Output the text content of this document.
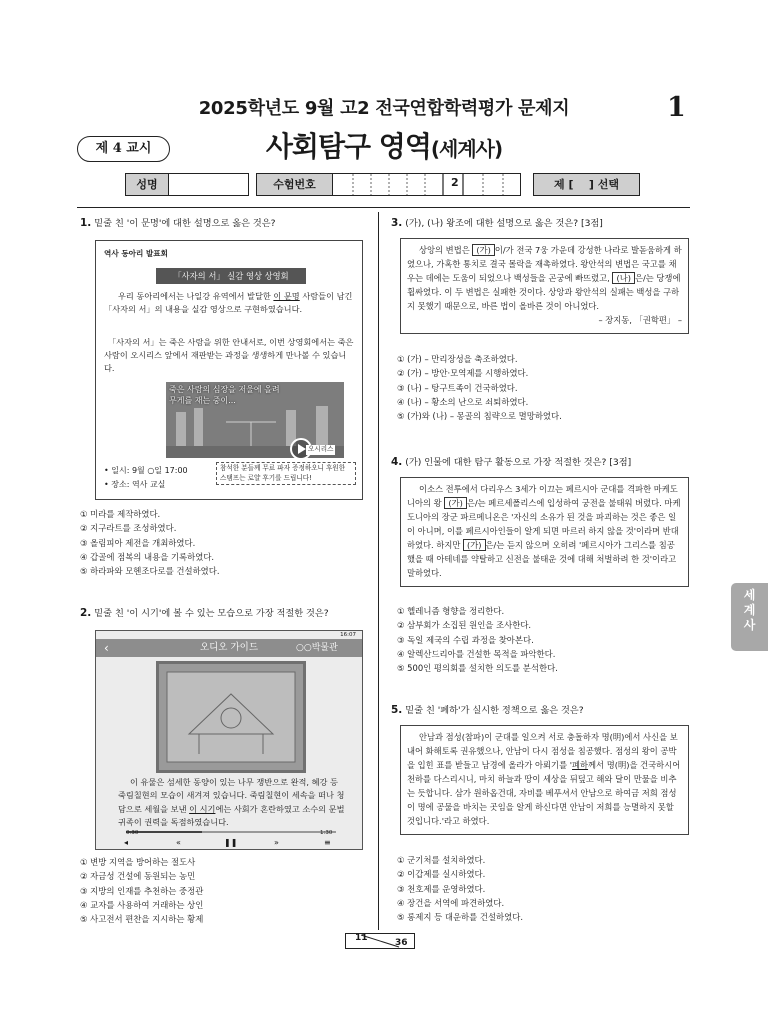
2025학년도 9월 고2 전국연합학력평가 문제지	1
제 4 교시	사회탐구 영역(세계사)
성명	수험번호	2	제 [    ] 선택
1. 밑줄 친 '이 문명'에 대한 설명으로 옳은 것은?
역사 동아리 발표회
「사자의 서」 실감 영상 상영회
우리 동아리에서는 나일강 유역에서 발달한 이 문명 사람들이 남긴 「사자의 서」의 내용을 실감 영상으로 구현하였습니다.
「사자의 서」는 죽은 사람을 위한 안내서로, 이번 상영회에서는 죽은 사람이 오시리스 앞에서 재판받는 과정을 생생하게 만나볼 수 있습니다.
죽은 사람의 심장을 저울에 올려 무게를 재는 중이...
오시리스
• 일시: 9월 ○일 17:00
• 장소: 역사 교실
참석한 분들께 무료 파자 증정하오니 후원한 스탬프는 로얄 후기를 드립니다!
① 미라를 제작하였다.
② 지구라트를 조성하였다.
③ 올림피아 제전을 개최하였다.
④ 갑골에 점복의 내용을 기록하였다.
⑤ 하라파와 모헨조다로를 건설하였다.
2. 밑줄 친 '이 시기'에 볼 수 있는 모습으로 가장 적절한 것은?
16:07
‹	오디오 가이드	○○박물관
이 유물은 섬세한 동양이 있는 나무 쟁반으로 완적, 혜강 등 죽림칠현의 모습이 새겨져 있습니다. 죽림칠현이 세속을 떠나 청담으로 세월을 보낸 이 시기에는 사회가 혼란하였고 소수의 문벌 귀족이 권력을 독점하였습니다.
0:30	1:30
◂	«	❚❚	»	≡
① 변방 지역을 방어하는 절도사
② 자금성 건설에 동원되는 농민
③ 지방의 인재를 추천하는 중정관
④ 교자를 사용하여 거래하는 상인
⑤ 사고전서 편찬을 지시하는 황제
3. (가), (나) 왕조에 대한 설명으로 옳은 것은? [3점]
상앙의 변법은 (가) 이/가 전국 7웅 가운데 강성한 나라로 발돋움하게 하였으나, 가혹한 통치로 결국 몰락을 재촉하였다. 왕안석의 변법은 국고를 채우는 데에는 도움이 되었으나 백성들을 곤궁에 빠뜨렸고, (나) 은/는 당쟁에 휩싸였다. 이 두 변법은 실패한 것이다. 상앙과 왕안석의 실패는 백성을 구하지 못했기 때문으로, 바른 법이 올바른 것이 아니었다.
– 장지동, 「권학편」 –
① (가) – 만리장성을 축조하였다.
② (가) – 방안·모역제를 시행하였다.
③ (나) – 탕구트족이 건국하였다.
④ (나) – 황소의 난으로 쇠퇴하였다.
⑤ (가)와 (나) – 몽골의 침략으로 멸망하였다.
4. (가) 인물에 대한 탐구 활동으로 가장 적절한 것은? [3점]
이소스 전투에서 다리우스 3세가 이끄는 페르시아 군대를 격파한 마케도니아의 왕 (가) 은/는 페르세폴리스에 입성하여 궁전을 불태워 버렸다. 마케도니아의 장군 파르메니온은 '자신의 소유가 된 것을 파괴하는 것은 좋은 일이 아니며, 이를 페르시아인들이 알게 되면 마르러 하지 않을 것'이라며 반대하였다. 하지만 (가) 은/는 듣지 않으며 오히려 '페르시아가 그리스를 침공했을 때 아테네를 약탈하고 신전을 불태운 것에 대해 처벌하려 한 것'이라고 말하였다.
① 헬레니즘 형향을 정리한다.
② 삼부회가 소집된 원인을 조사한다.
③ 독일 제국의 수립 과정을 찾아본다.
④ 알렉산드리아를 건설한 목적을 파악한다.
⑤ 500인 평의회를 설치한 의도를 분석한다.
5. 밑줄 친 '폐하'가 실시한 정책으로 옳은 것은?
안남과 점성(참파)이 군대를 일으켜 서로 충돌하자 명(明)에서 사신을 보내어 화해토록 권유했으나, 안남이 다시 점성을 침공했다. 점성의 왕이 공박을 입힌 표를 받들고 남경에 올라가 아뢰기를 '폐하께서 명(明)을 건국하시어 천하를 다스리시니, 마치 하늘과 땅이 세상을 뒤덮고 해와 달이 만물을 비추는 듯합니다. 삼가 원하옵건대, 자비를 베푸셔서 안남으로 하여금 저희 점성이 명에 공물을 바치는 곳임을 알게 하신다면 안남이 저희를 능멸하지 못할 것입니다.'라고 하였다.
① 군기처를 설치하였다.
② 이갑제를 실시하였다.
③ 천호제를 운영하였다.
④ 장건을 서역에 파견하였다.
⑤ 롱제지 등 대운하를 건설하였다.
세계사
11	36
